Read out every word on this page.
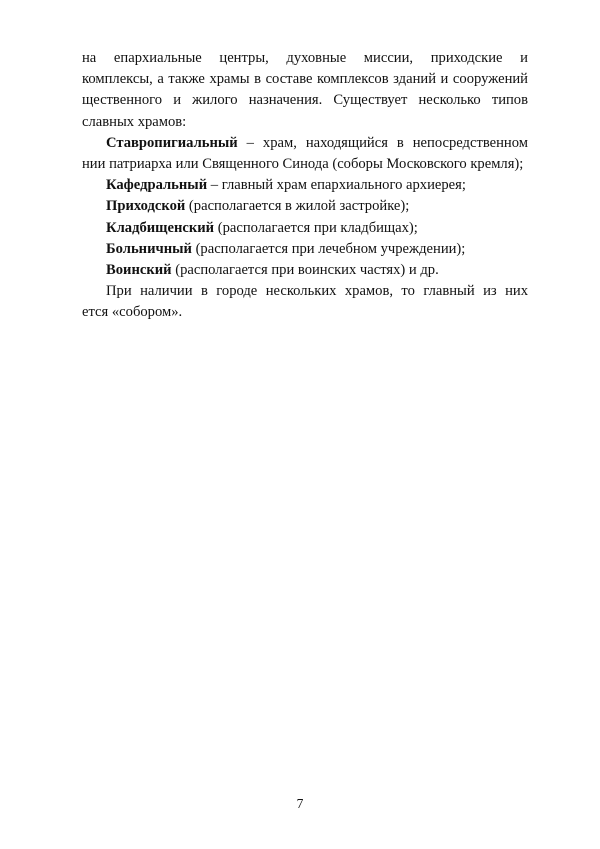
на епархиальные центры, духовные миссии, приходские и
комплексы, а также храмы в составе комплексов зданий и сооружений
щественного и жилого назначения. Существует несколько типов
славных храмов:
Ставропигиальный – храм, находящийся в непосредственном
нии патриарха или Священного Синода (соборы Московского кремля);
Кафедральный – главный храм епархиального архиерея;
Приходской (располагается в жилой застройке);
Кладбищенский (располагается при кладбищах);
Больничный (располагается при лечебном учреждении);
Воинский (располагается при воинских частях) и др.
При наличии в городе нескольких храмов, то главный из них
ется «собором».
7
